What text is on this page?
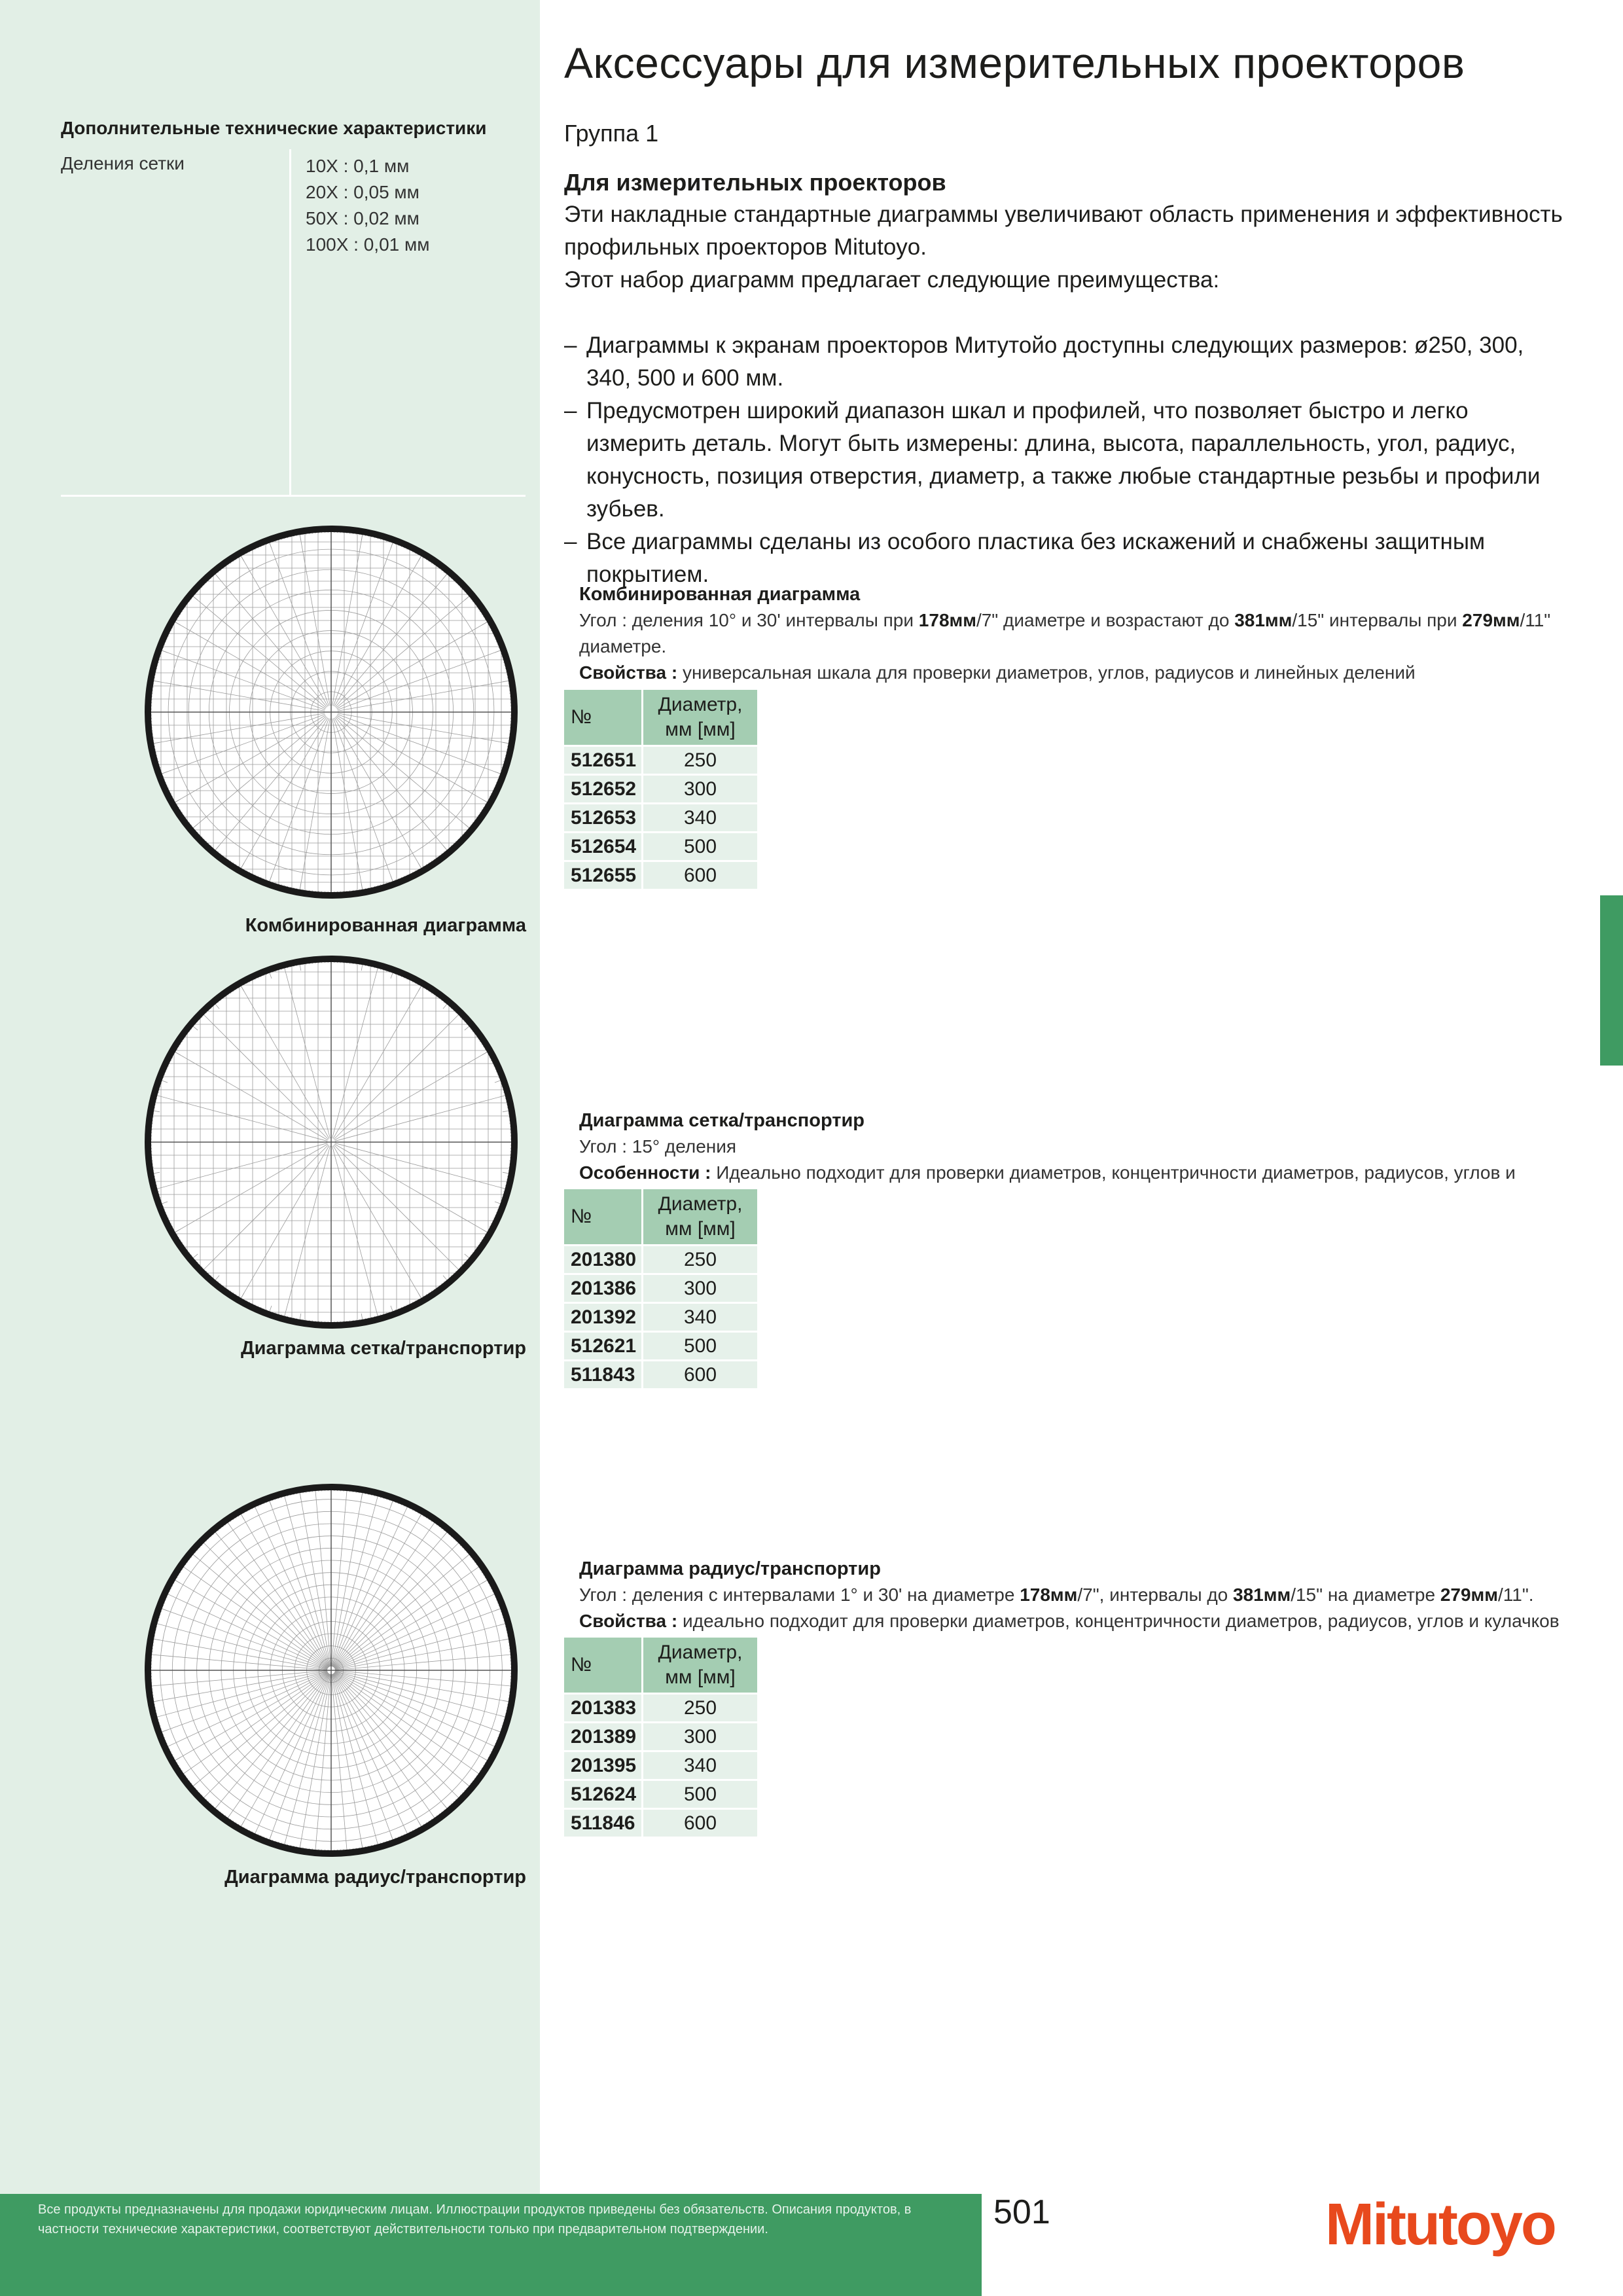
Дополнительные технические характеристики
Деления сетки	10X : 0,1 мм
20X : 0,05 мм
50X : 0,02 мм
100X : 0,01 мм
Комбинированная диаграмма
Диаграмма сетка/транспортир
Диаграмма радиус/транспортир
Аксессуары для измерительных проекторов
Группа 1
Для измерительных проекторов
Эти накладные стандартные диаграммы увеличивают область применения и эффективность профильных проекторов Mitutoyo.
Этот набор диаграмм предлагает следующие преимущества:
– Диаграммы к экранам проекторов Митутойо доступны следующих размеров: ø250, 300, 340, 500 и 600 мм.
– Предусмотрен широкий диапазон шкал и профилей, что позволяет быстро и легко измерить деталь. Могут быть измерены: длина, высота, параллельность, угол, радиус, конусность, позиция отверстия, диаметр, а также любые стандартные резьбы и профили зубьев.
– Все диаграммы сделаны из особого пластика без искажений и снабжены защитным покрытием.
Комбинированная диаграмма
Угол : деления 10° и 30' интервалы при 178мм/7" диаметре и возрастают до 381мм/15" интервалы при 279мм/11" диаметре.
Свойства : универсальная шкала для проверки диаметров, углов, радиусов и линейных делений
№	Диаметр, мм [мм]
512651	250
512652	300
512653	340
512654	500
512655	600
Диаграмма сетка/транспортир
Угол : 15° деления
Особенности : Идеально подходит для проверки диаметров, концентричности диаметров, радиусов, углов и
№	Диаметр, мм [мм]
201380	250
201386	300
201392	340
512621	500
511843	600
Диаграмма радиус/транспортир
Угол : деления с интервалами 1° и 30' на диаметре 178мм/7", интервалы до 381мм/15" на диаметре 279мм/11".
Свойства : идеально подходит для проверки диаметров, концентричности диаметров, радиусов, углов и кулачков
№	Диаметр, мм [мм]
201383	250
201389	300
201395	340
512624	500
511846	600
Все продукты предназначены для продажи юридическим лицам. Иллюстрации продуктов приведены без обязательств. Описания продуктов, в частности технические характеристики, соответствуют действительности только при предварительном подтверждении.	501	Mitutoyo
